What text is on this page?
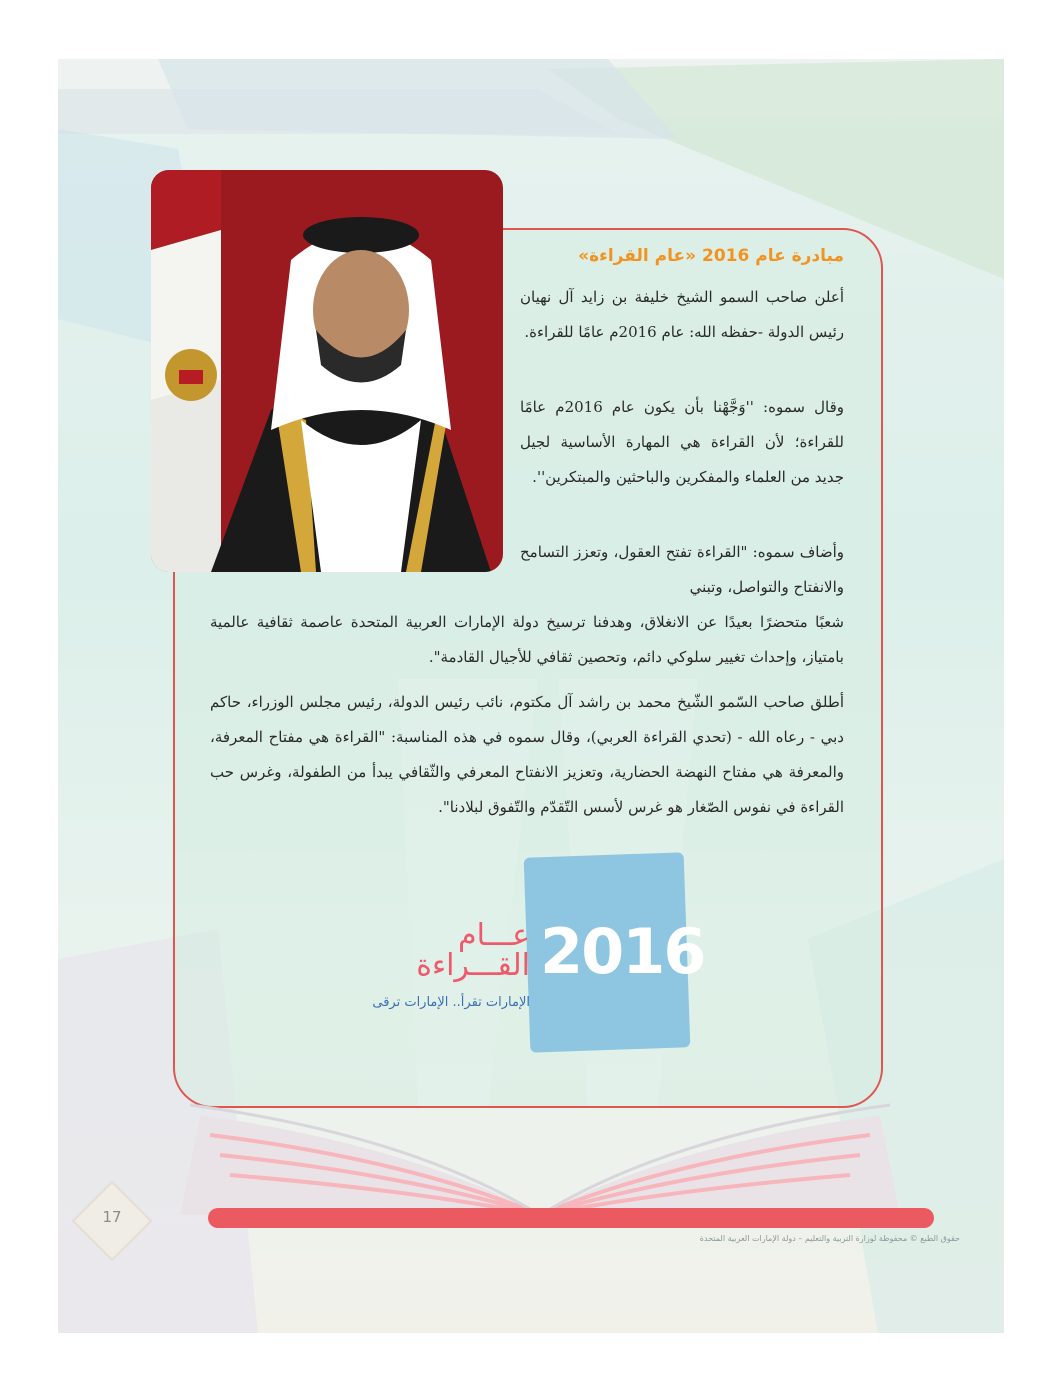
مبادرة عام 2016 «عام القراءة»
أعلن صاحب السمو الشيخ خليفة بن زايد آل نهيان رئيس الدولة -حفظه الله: عام 2016م عامًا للقراءة.
وقال سموه: ''وَجَّهْنا بأن يكون عام 2016م عامًا للقراءة؛ لأن القراءة هي المهارة الأساسية لجيل جديد من العلماء والمفكرين والباحثين والمبتكرين''.
وأضاف سموه: "القراءة تفتح العقول، وتعزز التسامح والانفتاح والتواصل، وتبني
شعبًا متحضرًا بعيدًا عن الانغلاق، وهدفنا ترسيخ دولة الإمارات العربية المتحدة عاصمة ثقافية عالمية بامتياز، وإحداث تغيير سلوكي دائم، وتحصين ثقافي للأجيال القادمة".
أطلق صاحب السّمو الشّيخ محمد بن راشد آل مكتوم، نائب رئيس الدولة، رئيس مجلس الوزراء، حاكم دبي - رعاه الله - (تحدي القراءة العربي)، وقال سموه في هذه المناسبة: "القراءة هي مفتاح المعرفة، والمعرفة هي مفتاح النهضة الحضارية، وتعزيز الانفتاح المعرفي والثّقافي يبدأ من الطفولة، وغرس حب القراءة في نفوس الصّغار هو غرس لأسس التّقدّم والتّفوق لبلادنا".
2016
عـــام
القـــراءة
الإمارات تقرأ.. الإمارات ترقى
17
حقوق الطبع © محفوظة لوزارة التربية والتعليم – دولة الإمارات العربية المتحدة
